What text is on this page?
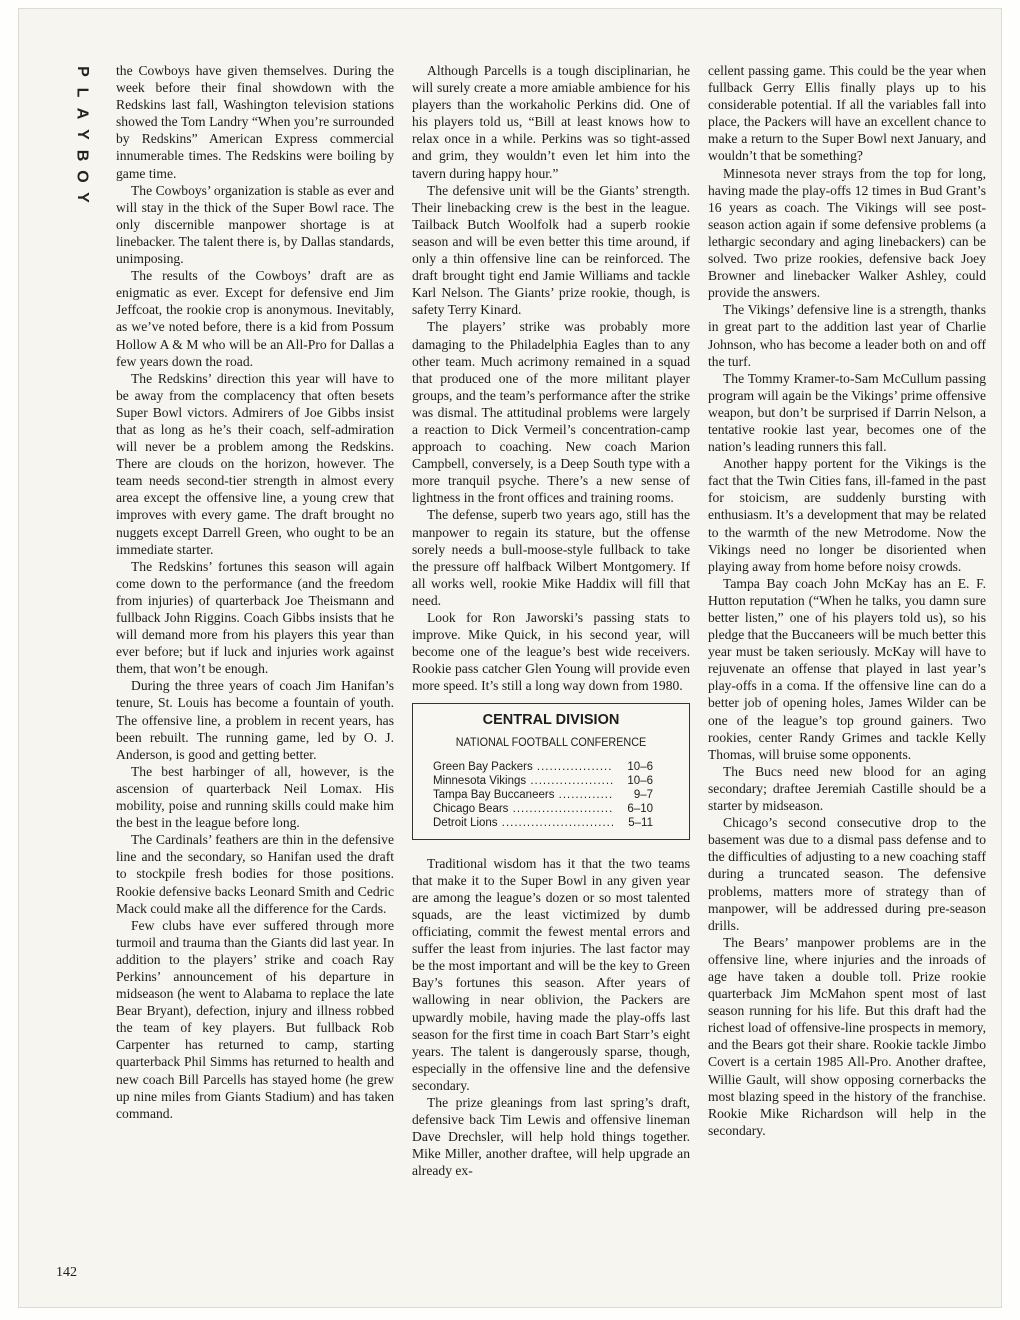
P
L
A
Y
B
O
Y

the Cowboys have given themselves. During the week before their final showdown with the Redskins last fall, Washington television stations showed the Tom Landry “When you’re surrounded by Redskins” American Express commercial innumerable times. The Redskins were boiling by game time.

The Cowboys’ organization is stable as ever and will stay in the thick of the Super Bowl race. The only discernible manpower shortage is at linebacker. The talent there is, by Dallas standards, unimposing.

The results of the Cowboys’ draft are as enigmatic as ever. Except for defensive end Jim Jeffcoat, the rookie crop is anonymous. Inevitably, as we’ve noted before, there is a kid from Possum Hollow A & M who will be an All-Pro for Dallas a few years down the road.

The Redskins’ direction this year will have to be away from the complacency that often besets Super Bowl victors. Admirers of Joe Gibbs insist that as long as he’s their coach, self-admiration will never be a problem among the Redskins. There are clouds on the horizon, however. The team needs second-tier strength in almost every area except the offensive line, a young crew that improves with every game. The draft brought no nuggets except Darrell Green, who ought to be an immediate starter.

The Redskins’ fortunes this season will again come down to the performance (and the freedom from injuries) of quarterback Joe Theismann and fullback John Riggins. Coach Gibbs insists that he will demand more from his players this year than ever before; but if luck and injuries work against them, that won’t be enough.

During the three years of coach Jim Hanifan’s tenure, St. Louis has become a fountain of youth. The offensive line, a problem in recent years, has been rebuilt. The running game, led by O. J. Anderson, is good and getting better.

The best harbinger of all, however, is the ascension of quarterback Neil Lomax. His mobility, poise and running skills could make him the best in the league before long.

The Cardinals’ feathers are thin in the defensive line and the secondary, so Hanifan used the draft to stockpile fresh bodies for those positions. Rookie defensive backs Leonard Smith and Cedric Mack could make all the difference for the Cards.

Few clubs have ever suffered through more turmoil and trauma than the Giants did last year. In addition to the players’ strike and coach Ray Perkins’ announcement of his departure in midseason (he went to Alabama to replace the late Bear Bryant), defection, injury and illness robbed the team of key players. But fullback Rob Carpenter has returned to camp, starting quarterback Phil Simms has returned to health and new coach Bill Parcells has stayed home (he grew up nine miles from Giants Stadium) and has taken command.

Although Parcells is a tough disciplinarian, he will surely create a more amiable ambience for his players than the workaholic Perkins did. One of his players told us, “Bill at least knows how to relax once in a while. Perkins was so tight-assed and grim, they wouldn’t even let him into the tavern during happy hour.”

The defensive unit will be the Giants’ strength. Their linebacking crew is the best in the league. Tailback Butch Woolfolk had a superb rookie season and will be even better this time around, if only a thin offensive line can be reinforced. The draft brought tight end Jamie Williams and tackle Karl Nelson. The Giants’ prize rookie, though, is safety Terry Kinard.

The players’ strike was probably more damaging to the Philadelphia Eagles than to any other team. Much acrimony remained in a squad that produced one of the more militant player groups, and the team’s performance after the strike was dismal. The attitudinal problems were largely a reaction to Dick Vermeil’s concentration-camp approach to coaching. New coach Marion Campbell, conversely, is a Deep South type with a more tranquil psyche. There’s a new sense of lightness in the front offices and training rooms.

The defense, superb two years ago, still has the manpower to regain its stature, but the offense sorely needs a bull-moose-style fullback to take the pressure off halfback Wilbert Montgomery. If all works well, rookie Mike Haddix will fill that need.

Look for Ron Jaworski’s passing stats to improve. Mike Quick, in his second year, will become one of the league’s best wide receivers. Rookie pass catcher Glen Young will provide even more speed. It’s still a long way down from 1980.

CENTRAL DIVISION
NATIONAL FOOTBALL CONFERENCE
Green Bay Packers .....	10–6
Minnesota Vikings .....	10–6
Tampa Bay Buccaneers .....	9–7
Chicago Bears .....	6–10
Detroit Lions .....	5–11

Traditional wisdom has it that the two teams that make it to the Super Bowl in any given year are among the league’s dozen or so most talented squads, are the least victimized by dumb officiating, commit the fewest mental errors and suffer the least from injuries. The last factor may be the most important and will be the key to Green Bay’s fortunes this season. After years of wallowing in near oblivion, the Packers are upwardly mobile, having made the play-offs last season for the first time in coach Bart Starr’s eight years. The talent is dangerously sparse, though, especially in the offensive line and the defensive secondary.

The prize gleanings from last spring’s draft, defensive back Tim Lewis and offensive lineman Dave Drechsler, will help hold things together. Mike Miller, another draftee, will help upgrade an already ex-

cellent passing game. This could be the year when fullback Gerry Ellis finally plays up to his considerable potential. If all the variables fall into place, the Packers will have an excellent chance to make a return to the Super Bowl next January, and wouldn’t that be something?

Minnesota never strays from the top for long, having made the play-offs 12 times in Bud Grant’s 16 years as coach. The Vikings will see post-season action again if some defensive problems (a lethargic secondary and aging linebackers) can be solved. Two prize rookies, defensive back Joey Browner and linebacker Walker Ashley, could provide the answers.

The Vikings’ defensive line is a strength, thanks in great part to the addition last year of Charlie Johnson, who has become a leader both on and off the turf.

The Tommy Kramer-to-Sam McCullum passing program will again be the Vikings’ prime offensive weapon, but don’t be surprised if Darrin Nelson, a tentative rookie last year, becomes one of the nation’s leading runners this fall.

Another happy portent for the Vikings is the fact that the Twin Cities fans, ill-famed in the past for stoicism, are suddenly bursting with enthusiasm. It’s a development that may be related to the warmth of the new Metrodome. Now the Vikings need no longer be disoriented when playing away from home before noisy crowds.

Tampa Bay coach John McKay has an E. F. Hutton reputation (“When he talks, you damn sure better listen,” one of his players told us), so his pledge that the Buccaneers will be much better this year must be taken seriously. McKay will have to rejuvenate an offense that played in last year’s play-offs in a coma. If the offensive line can do a better job of opening holes, James Wilder can be one of the league’s top ground gainers. Two rookies, center Randy Grimes and tackle Kelly Thomas, will bruise some opponents.

The Bucs need new blood for an aging secondary; draftee Jeremiah Castille should be a starter by midseason.

Chicago’s second consecutive drop to the basement was due to a dismal pass defense and to the difficulties of adjusting to a new coaching staff during a truncated season. The defensive problems, matters more of strategy than of manpower, will be addressed during pre-season drills.

The Bears’ manpower problems are in the offensive line, where injuries and the inroads of age have taken a double toll. Prize rookie quarterback Jim McMahon spent most of last season running for his life. But this draft had the richest load of offensive-line prospects in memory, and the Bears got their share. Rookie tackle Jimbo Covert is a certain 1985 All-Pro. Another draftee, Willie Gault, will show opposing cornerbacks the most blazing speed in the history of the franchise. Rookie Mike Richardson will help in the secondary.

142
